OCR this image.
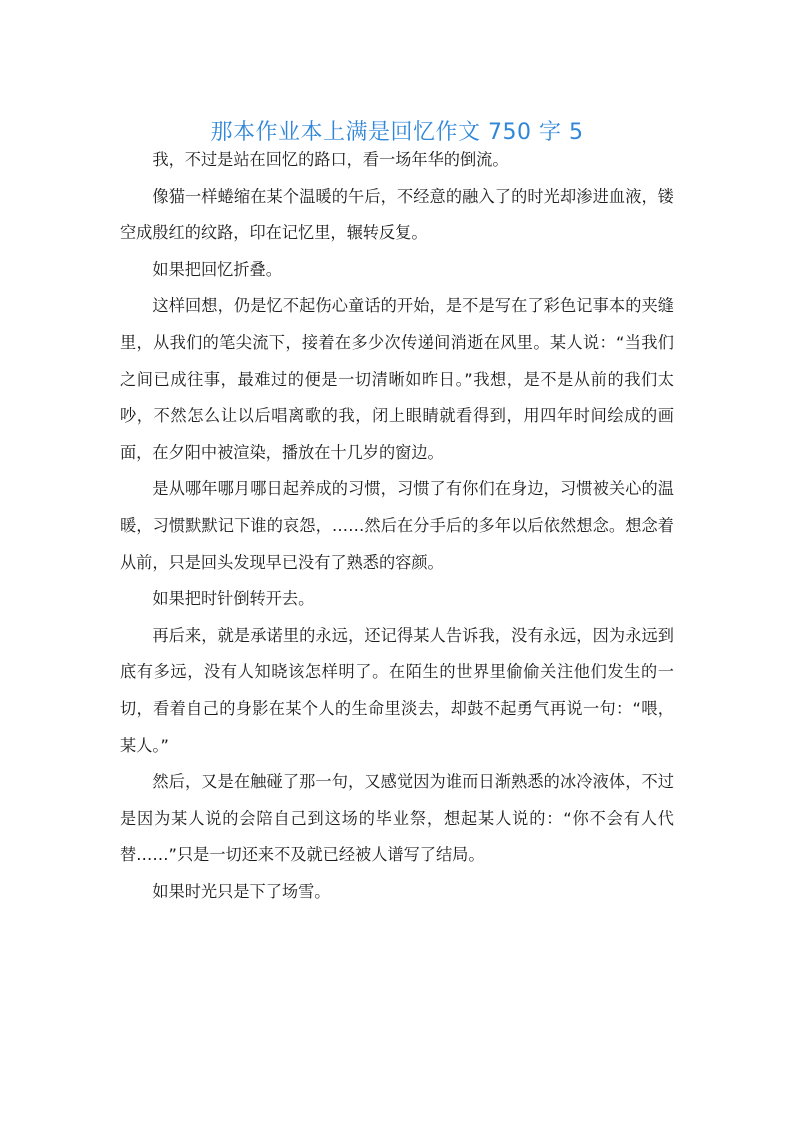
那本作业本上满是回忆作文 750 字 5

我，不过是站在回忆的路口，看一场年华的倒流。

像猫一样蜷缩在某个温暖的午后，不经意的融入了的时光却渗进血液，镂空成殷红的纹路，印在记忆里，辗转反复。

如果把回忆折叠。

这样回想，仍是忆不起伤心童话的开始，是不是写在了彩色记事本的夹缝里，从我们的笔尖流下，接着在多少次传递间消逝在风里。某人说：“当我们之间已成往事，最难过的便是一切清晰如昨日。”我想，是不是从前的我们太吵，不然怎么让以后唱离歌的我，闭上眼睛就看得到，用四年时间绘成的画面，在夕阳中被渲染，播放在十几岁的窗边。

是从哪年哪月哪日起养成的习惯，习惯了有你们在身边，习惯被关心的温暖，习惯默默记下谁的哀怨，……然后在分手后的多年以后依然想念。想念着从前，只是回头发现早已没有了熟悉的容颜。

如果把时针倒转开去。

再后来，就是承诺里的永远，还记得某人告诉我，没有永远，因为永远到底有多远，没有人知晓该怎样明了。在陌生的世界里偷偷关注他们发生的一切，看着自己的身影在某个人的生命里淡去，却鼓不起勇气再说一句：“喂，某人。”

然后，又是在触碰了那一句，又感觉因为谁而日渐熟悉的冰冷液体，不过是因为某人说的会陪自己到这场的毕业祭，想起某人说的：“你不会有人代替……”只是一切还来不及就已经被人谱写了结局。

如果时光只是下了场雪。
